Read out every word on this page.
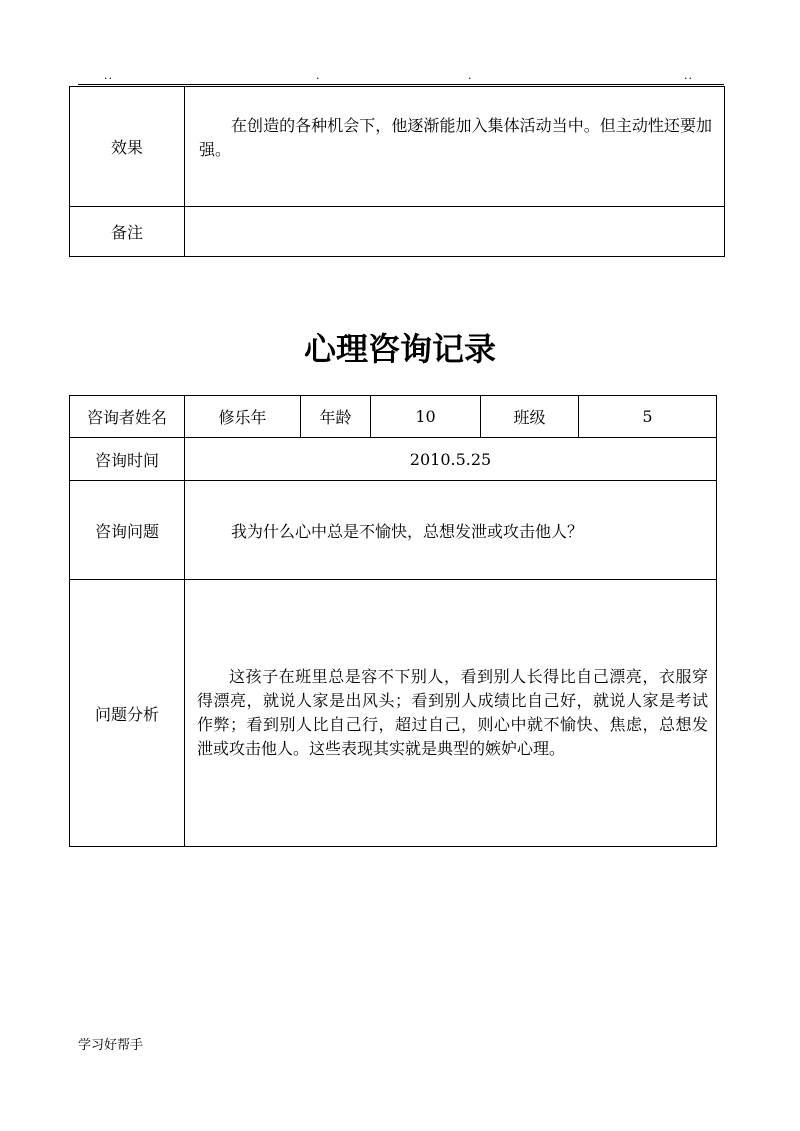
..	.	.	..
效果	在创造的各种机会下，他逐渐能加入集体活动当中。但主动性还要加强。

备注	
心理咨询记录
咨询者姓名	修乐年	年龄	10	班级	5
咨询时间	2010.5.25				
咨询问题	我为什么心中总是不愉快，总想发泄或攻击他人？				
问题分析	这孩子在班里总是容不下别人，看到别人长得比自己漂亮，衣服穿得漂亮，就说人家是出风头；看到别人成绩比自己好，就说人家是考试作弊；看到别人比自己行，超过自己，则心中就不愉快、焦虑，总想发泄或攻击他人。这些表现其实就是典型的嫉妒心理。				
学习好帮手
